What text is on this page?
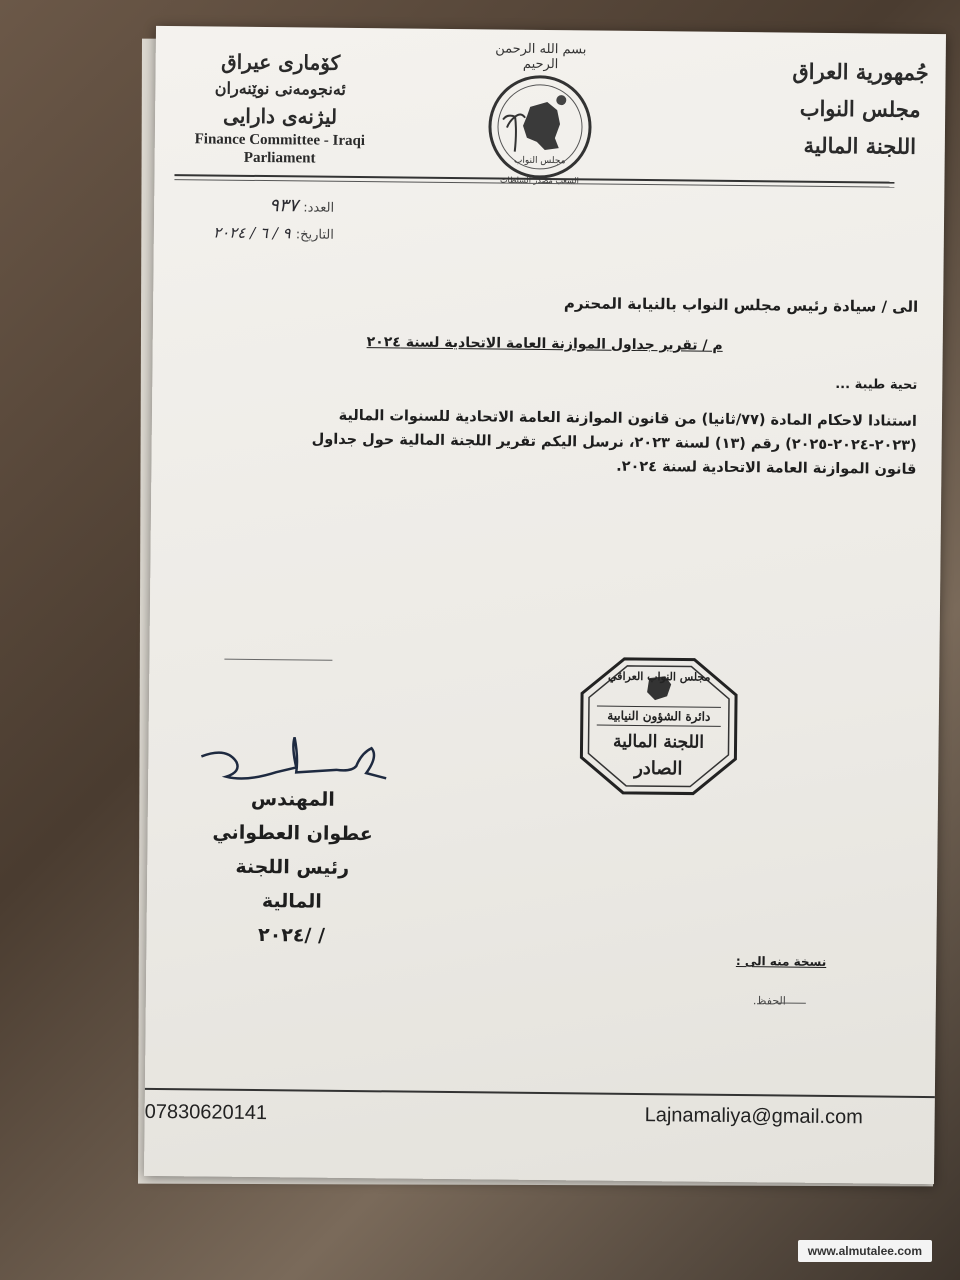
جُمهورية العراق
مجلس النواب
اللجنة المالية
كۆماری عیراق
ئەنجومەنی نوێنەران
لیژنەی دارایی
Finance Committee - Iraqi
Parliament
بسم الله الرحمن الرحيم
مجلس النواب
الشعب مصدر السلطات
العدد: ٩٣٧
التاريخ: ٩ / ٦ / ٢٠٢٤
الى / سيادة رئيس مجلس النواب بالنيابة المحترم
م / تقرير جداول الموازنة العامة الاتحادية لسنة ٢٠٢٤
تحية طيبة ...
استنادا لاحكام المادة (٧٧/ثانيا) من قانون الموازنة العامة الاتحادية للسنوات المالية
(٢٠٢٣-٢٠٢٤-٢٠٢٥) رقم (١٣) لسنة ٢٠٢٣، نرسل اليكم تقرير اللجنة المالية حول جداول
قانون الموازنة العامة الاتحادية لسنة ٢٠٢٤.
مجلس النواب العراقي
دائرة الشؤون النيابية
اللجنة المالية
الصادر
المهندس
عطوان العطواني
رئيس اللجنة المالية
/ /٢٠٢٤
نسخة منه الى :
الحفظ.
07830620141	Lajnamaliya@gmail.com
www.almutalee.com
